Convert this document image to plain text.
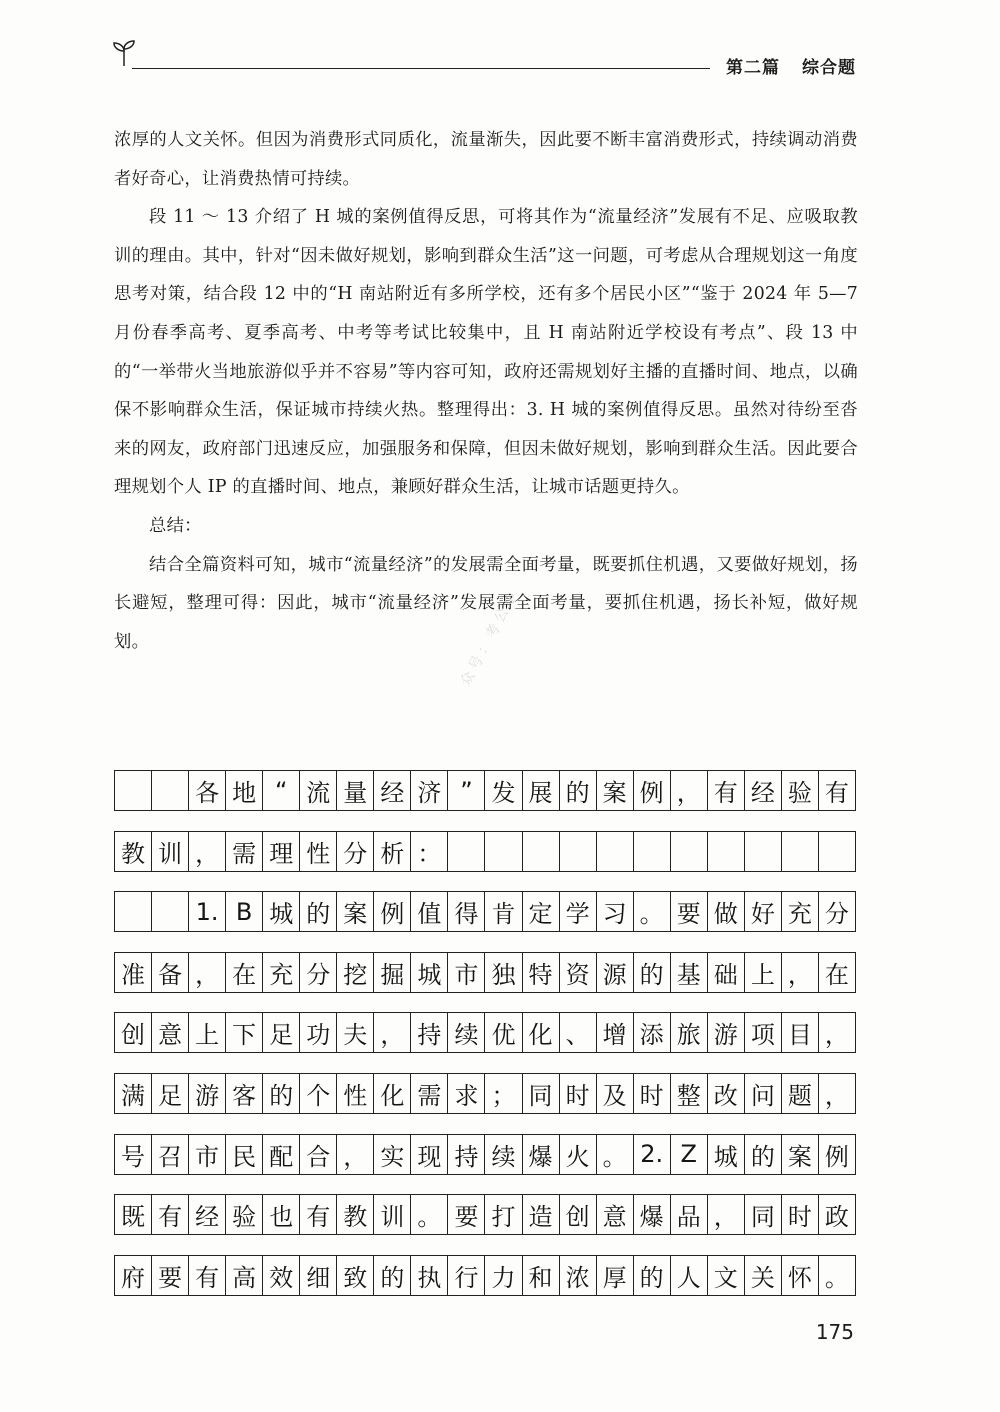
第二篇 综合题

浓厚的人文关怀。但因为消费形式同质化，流量渐失，因此要不断丰富消费形式，持续调动消费者好奇心，让消费热情可持续。

段 11 ～ 13 介绍了 H 城的案例值得反思，可将其作为“流量经济”发展有不足、应吸取教训的理由。其中，针对“因未做好规划，影响到群众生活”这一问题，可考虑从合理规划这一角度思考对策，结合段 12 中的“H 南站附近有多所学校，还有多个居民小区”“鉴于 2024 年 5—7 月份春季高考、夏季高考、中考等考试比较集中，且 H 南站附近学校设有考点”、段 13 中的“一举带火当地旅游似乎并不容易”等内容可知，政府还需规划好主播的直播时间、地点，以确保不影响群众生活，保证城市持续火热。整理得出：3. H 城的案例值得反思。虽然对待纷至沓来的网友，政府部门迅速反应，加强服务和保障，但因未做好规划，影响到群众生活。因此要合理规划个人 IP 的直播时间、地点，兼顾好群众生活，让城市话题更持久。

总结：

结合全篇资料可知，城市“流量经济”的发展需全面考量，既要抓住机遇，又要做好规划，扬长避短，整理可得：因此，城市“流量经济”发展需全面考量，要抓住机遇，扬长补短，做好规划。	众号：考公小
各 地 “ 流 量 经 济 ” 发 展 的 案 例 ， 有 经 验 有
教 训 ， 需 理 性 分 析 ：
1. B 城 的 案 例 值 得 肯 定 学 习 。 要 做 好 充 分
准 备 ， 在 充 分 挖 掘 城 市 独 特 资 源 的 基 础 上 ， 在
创 意 上 下 足 功 夫 ， 持 续 优 化 、 增 添 旅 游 项 目 ，
满 足 游 客 的 个 性 化 需 求 ； 同 时 及 时 整 改 问 题 ，
号 召 市 民 配 合 ， 实 现 持 续 爆 火 。 2. Z 城 的 案 例
既 有 经 验 也 有 教 训 。 要 打 造 创 意 爆 品 ， 同 时 政
府 要 有 高 效 细 致 的 执 行 力 和 浓 厚 的 人 文 关 怀 。
175
